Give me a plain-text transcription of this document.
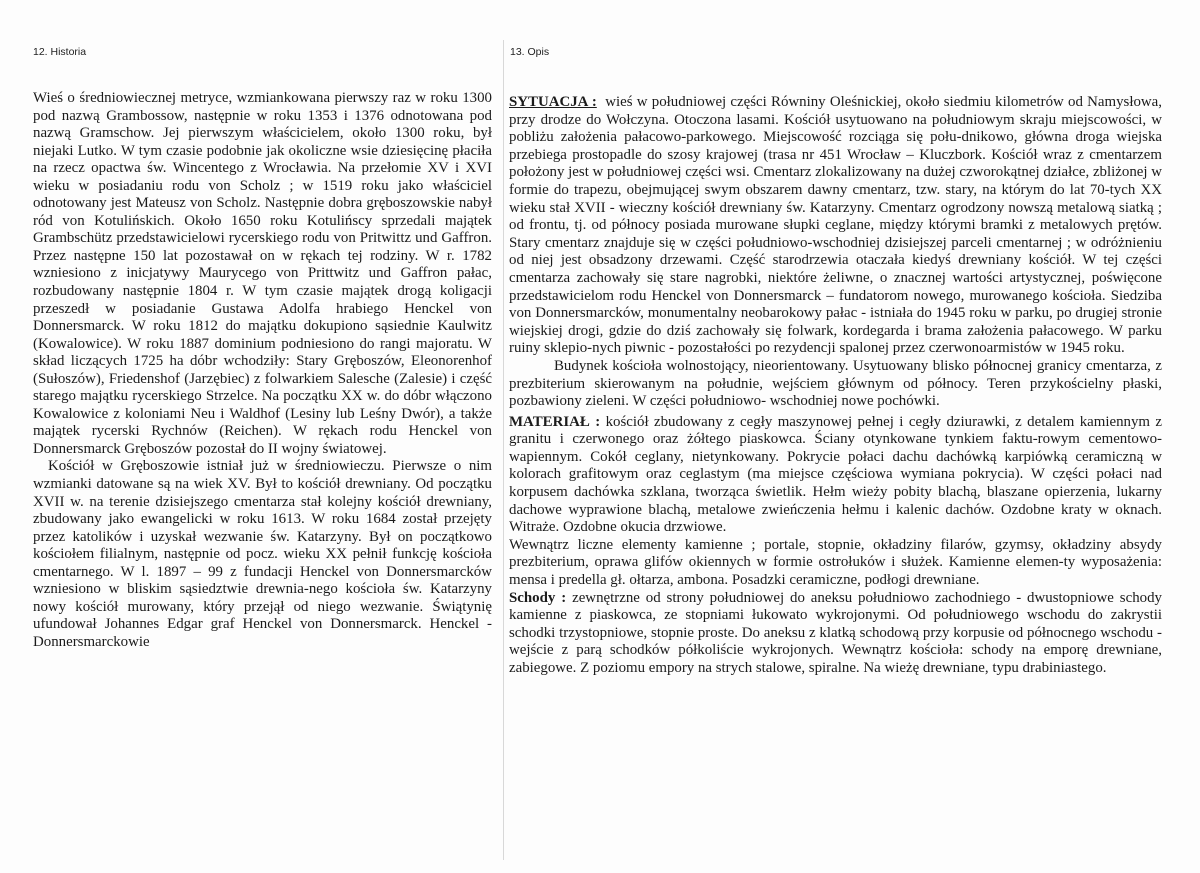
12. Historia	13. Opis

Wieś o średniowiecznej metryce, wzmiankowana pierwszy raz w roku 1300 pod nazwą Grambossow, następnie w roku 1353 i 1376 odnotowana pod nazwą Gramschow. Jej pierwszym właścicielem, około 1300 roku, był niejaki Lutko. W tym czasie podobnie jak okoliczne wsie dziesięcinę płaciła na rzecz opactwa św. Wincentego z Wrocławia. Na przełomie XV i XVI wieku w posiadaniu rodu von Scholz ; w 1519 roku jako właściciel odnotowany jest Mateusz von Scholz. Następnie dobra gręboszowskie nabył ród von Kotulińskich. Około 1650 roku Kotulińscy sprzedali majątek Grambschütz przedstawicielowi rycerskiego rodu von Pritwittz und Gaffron. Przez następne 150 lat pozostawał on w rękach tej rodziny. W r. 1782 wzniesiono z inicjatywy Maurycego von Prittwitz und Gaffron pałac, rozbudowany następnie 1804 r. W tym czasie majątek drogą koligacji przeszedł w posiadanie Gustawa Adolfa hrabiego Henckel von Donnersmarck. W roku 1812 do majątku dokupiono sąsiednie Kaulwitz (Kowalowice). W roku 1887 dominium podniesiono do rangi majoratu. W skład liczących 1725 ha dóbr wchodziły: Stary Gręboszów, Eleonorenhof (Sułoszów), Friedenshof (Jarzębiec) z folwarkiem Salesche (Zalesie) i część starego majątku rycerskiego Strzelce. Na początku XX w. do dóbr włączono Kowalowice z koloniami Neu i Waldhof (Lesiny lub Leśny Dwór), a także majątek rycerski Rychnów (Reichen). W rękach rodu Henckel von Donnersmarck Gręboszów pozostał do II wojny światowej.

Kościół w Gręboszowie istniał już w średniowieczu. Pierwsze o nim wzmianki datowane są na wiek XV. Był to kościół drewniany. Od początku XVII w. na terenie dzisiejszego cmentarza stał kolejny kościół drewniany, zbudowany jako ewangelicki w roku 1613. W roku 1684 został przejęty przez katolików i uzyskał wezwanie św. Katarzyny. Był on początkowo kościołem filialnym, następnie od pocz. wieku XX pełnił funkcję kościoła cmentarnego. W l. 1897 – 99 z fundacji Henckel von Donnersmarcków wzniesiono w bliskim sąsiedztwie drewnia-nego kościoła św. Katarzyny nowy kościół murowany, który przejął od niego wezwanie. Świątynię ufundował Johannes Edgar graf Henckel von Donnersmarck. Henckel - Donnersmarckowie

SYTUACJA : wieś w południowej części Równiny Oleśnickiej, około siedmiu kilometrów od Namysłowa, przy drodze do Wołczyna. Otoczona lasami. Kościół usytuowano na południowym skraju miejscowości, w pobliżu założenia pałacowo-parkowego. Miejscowość rozciąga się połu-dnikowo, główna droga wiejska przebiega prostopadle do szosy krajowej (trasa nr 451 Wrocław – Kluczbork. Kościół wraz z cmentarzem położony jest w południowej części wsi. Cmentarz zlokalizowany na dużej czworokątnej działce, zbliżonej w formie do trapezu, obejmującej swym obszarem dawny cmentarz, tzw. stary, na którym do lat 70-tych XX wieku stał XVII - wieczny kościół drewniany św. Katarzyny. Cmentarz ogrodzony nowszą metalową siatką ; od frontu, tj. od północy posiada murowane słupki ceglane, między którymi bramki z metalowych prętów. Stary cmentarz znajduje się w części południowo-wschodniej dzisiejszej parceli cmentarnej ; w odróżnieniu od niej jest obsadzony drzewami. Część starodrzewia otaczała kiedyś drewniany kościół. W tej części cmentarza zachowały się stare nagrobki, niektóre żeliwne, o znacznej wartości artystycznej, poświęcone przedstawicielom rodu Henckel von Donnersmarck – fundatorom nowego, murowanego kościoła. Siedziba von Donnersmarcków, monumentalny neobarokowy pałac - istniała do 1945 roku w parku, po drugiej stronie wiejskiej drogi, gdzie do dziś zachowały się folwark, kordegarda i brama założenia pałacowego. W parku ruiny sklepio-nych piwnic - pozostałości po rezydencji spalonej przez czerwonoarmistów w 1945 roku.

Budynek kościoła wolnostojący, nieorientowany. Usytuowany blisko północnej granicy cmentarza, z prezbiterium skierowanym na południe, wejściem głównym od północy. Teren przykościelny płaski, pozbawiony zieleni. W części południowo- wschodniej nowe pochówki.

MATERIAŁ : kościół zbudowany z cegły maszynowej pełnej i cegły dziurawki, z detalem kamiennym z granitu i czerwonego oraz żółtego piaskowca. Ściany otynkowane tynkiem faktu-rowym cementowo-wapiennym. Cokół ceglany, nietynkowany. Pokrycie połaci dachu dachówką karpiówką ceramiczną w kolorach grafitowym oraz ceglastym (ma miejsce częściowa wymiana pokrycia). W części połaci nad korpusem dachówka szklana, tworząca świetlik. Hełm wieży pobity blachą, blaszane opierzenia, lukarny dachowe wyprawione blachą, metalowe zwieńczenia hełmu i kalenic dachów. Ozdobne kraty w oknach. Witraże. Ozdobne okucia drzwiowe.

Wewnątrz liczne elementy kamienne ; portale, stopnie, okładziny filarów, gzymsy, okładziny absydy prezbiterium, oprawa glifów okiennych w formie ostrołuków i służek. Kamienne elemen-ty wyposażenia: mensa i predella gł. ołtarza, ambona. Posadzki ceramiczne, podłogi drewniane.

Schody : zewnętrzne od strony południowej do aneksu południowo zachodniego - dwustopniowe schody kamienne z piaskowca, ze stopniami łukowato wykrojonymi. Od południowego wschodu do zakrystii schodki trzystopniowe, stopnie proste. Do aneksu z klatką schodową przy korpusie od północnego wschodu - wejście z parą schodków półkoliście wykrojonych. Wewnątrz kościoła: schody na emporę drewniane, zabiegowe. Z poziomu empory na strych stalowe, spiralne. Na wieżę drewniane, typu drabiniastego.
